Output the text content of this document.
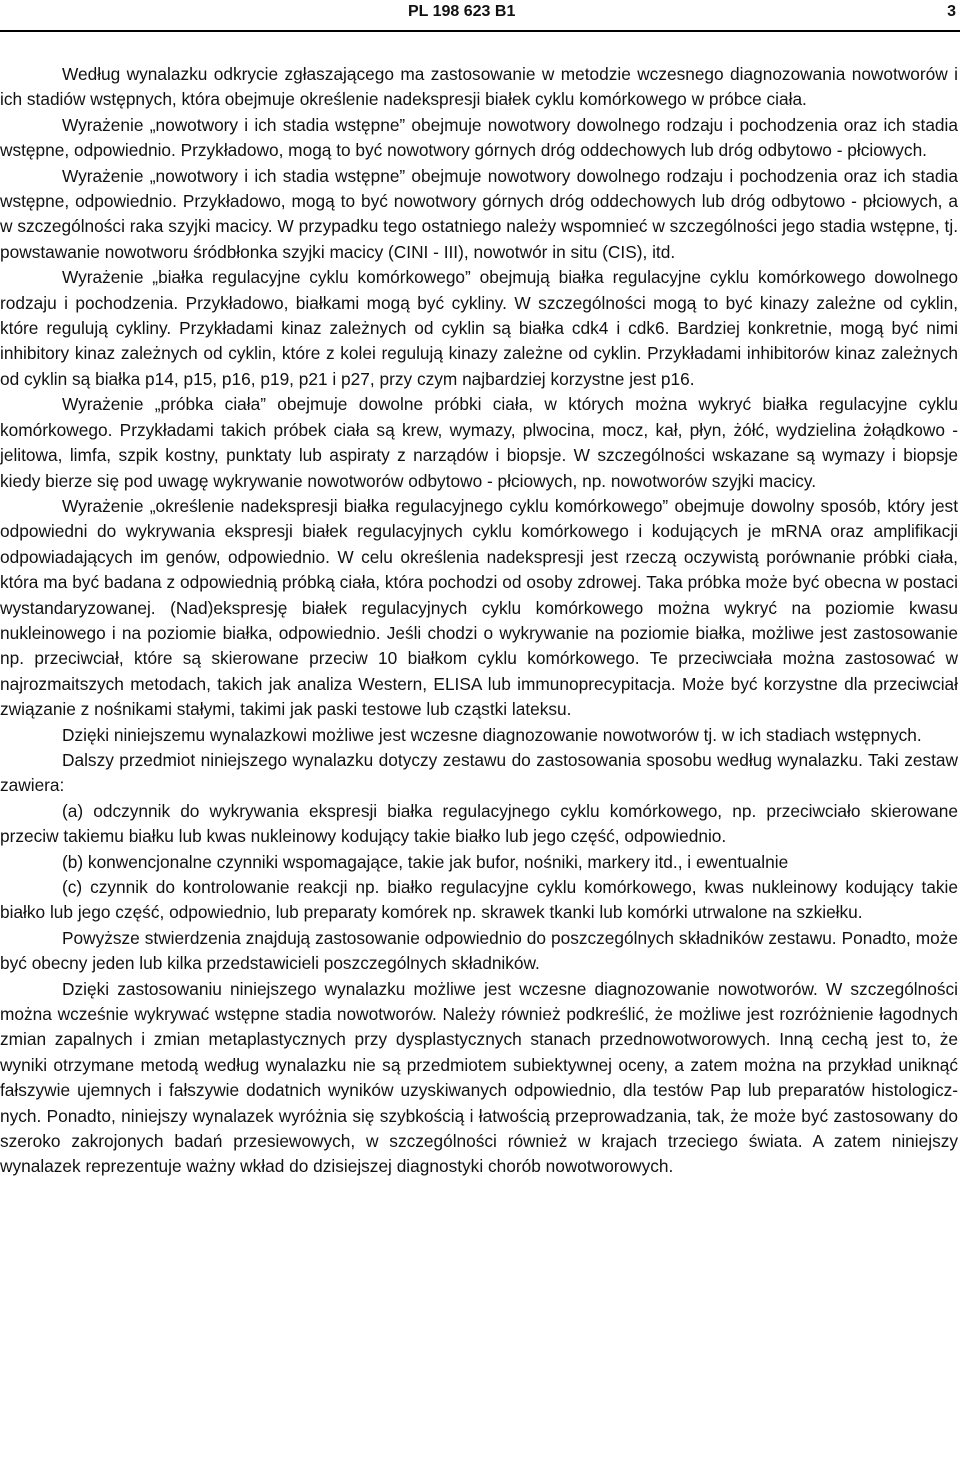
PL 198 623 B1	3

Według wynalazku odkrycie zgłaszającego ma zastosowanie w metodzie wczesnego diagnozowania nowotworów i ich stadiów wstępnych, która obejmuje określenie nadekspresji białek cyklu komórkowego w próbce ciała.

Wyrażenie „nowotwory i ich stadia wstępne” obejmuje nowotwory dowolnego rodzaju i pochodzenia oraz ich stadia wstępne, odpowiednio. Przykładowo, mogą to być nowotwory górnych dróg oddechowych lub dróg odbytowo - płciowych.

Wyrażenie „nowotwory i ich stadia wstępne” obejmuje nowotwory dowolnego rodzaju i pochodzenia oraz ich stadia wstępne, odpowiednio. Przykładowo, mogą to być nowotwory górnych dróg oddechowych lub dróg odbytowo - płciowych, a w szczególności raka szyjki macicy. W przypadku tego ostatniego należy wspomnieć w szczególności jego stadia wstępne, tj. powstawanie nowotworu śródbłonka szyjki macicy (CINI - III), nowotwór in situ (CIS), itd.

Wyrażenie „białka regulacyjne cyklu komórkowego” obejmują białka regulacyjne cyklu komórkowego dowolnego rodzaju i pochodzenia. Przykładowo, białkami mogą być cykliny. W szczególności mogą to być kinazy zależne od cyklin, które regulują cykliny. Przykładami kinaz zależnych od cyklin są białka cdk4 i cdk6. Bardziej konkretnie, mogą być nimi inhibitory kinaz zależnych od cyklin, które z kolei regulują kinazy zależne od cyklin. Przykładami inhibitorów kinaz zależnych od cyklin są białka p14, p15, p16, p19, p21 i p27, przy czym najbardziej korzystne jest p16.

Wyrażenie „próbka ciała” obejmuje dowolne próbki ciała, w których można wykryć białka regulacyjne cyklu komórkowego. Przykładami takich próbek ciała są krew, wymazy, plwocina, mocz, kał, płyn, żółć, wydzielina żołądkowo - jelitowa, limfa, szpik kostny, punktaty lub aspiraty z narządów i biopsje. W szczególności wskazane są wymazy i biopsje kiedy bierze się pod uwagę wykrywanie nowotworów odbytowo - płciowych, np. nowotworów szyjki macicy.

Wyrażenie „określenie nadekspresji białka regulacyjnego cyklu komórkowego” obejmuje dowolny sposób, który jest odpowiedni do wykrywania ekspresji białek regulacyjnych cyklu komórkowego i kodujących je mRNA oraz amplifikacji odpowiadających im genów, odpowiednio. W celu określenia nadekspresji jest rzeczą oczywistą porównanie próbki ciała, która ma być badana z odpowiednią próbką ciała, która pochodzi od osoby zdrowej. Taka próbka może być obecna w postaci wystandaryzowanej. (Nad)ekspresję białek regulacyjnych cyklu komórkowego można wykryć na poziomie kwasu nukleinowego i na poziomie białka, odpowiednio. Jeśli chodzi o wykrywanie na poziomie białka, możliwe jest zastosowanie np. przeciwciał, które są skierowane przeciw 10 białkom cyklu komórkowego. Te przeciwciała można zastosować w najrozmaitszych metodach, takich jak analiza Western, ELISA lub immunoprecypitacja. Może być korzystne dla przeciwciał związanie z nośnikami stałymi, takimi jak paski testowe lub cząstki lateksu.

Dzięki niniejszemu wynalazkowi możliwe jest wczesne diagnozowanie nowotworów tj. w ich stadiach wstępnych.

Dalszy przedmiot niniejszego wynalazku dotyczy zestawu do zastosowania sposobu według wynalazku. Taki zestaw zawiera:

(a) odczynnik do wykrywania ekspresji białka regulacyjnego cyklu komórkowego, np. przeciwciało skierowane przeciw takiemu białku lub kwas nukleinowy kodujący takie białko lub jego część, odpowiednio.

(b) konwencjonalne czynniki wspomagające, takie jak bufor, nośniki, markery itd., i ewentualnie

(c) czynnik do kontrolowanie reakcji np. białko regulacyjne cyklu komórkowego, kwas nukleinowy kodujący takie białko lub jego część, odpowiednio, lub preparaty komórek np. skrawek tkanki lub komórki utrwalone na szkiełku.

Powyższe stwierdzenia znajdują zastosowanie odpowiednio do poszczególnych składników zestawu. Ponadto, może być obecny jeden lub kilka przedstawicieli poszczególnych składników.

Dzięki zastosowaniu niniejszego wynalazku możliwe jest wczesne diagnozowanie nowotworów. W szczególności można wcześnie wykrywać wstępne stadia nowotworów. Należy również podkreślić, że możliwe jest rozróżnienie łagodnych zmian zapalnych i zmian metaplastycznych przy dysplastycznych stanach przednowotworowych. Inną cechą jest to, że wyniki otrzymane metodą według wynalazku nie są przedmiotem subiektywnej oceny, a zatem można na przykład uniknąć fałszywie ujemnych i fałszywie dodatnich wyników uzyskiwanych odpowiednio, dla testów Pap lub preparatów histologicznych. Ponadto, niniejszy wynalazek wyróżnia się szybkością i łatwością przeprowadzania, tak, że może być zastosowany do szeroko zakrojonych badań przesiewowych, w szczególności również w krajach trzeciego świata. A zatem niniejszy wynalazek reprezentuje ważny wkład do dzisiejszej diagnostyki chorób nowotworowych.
